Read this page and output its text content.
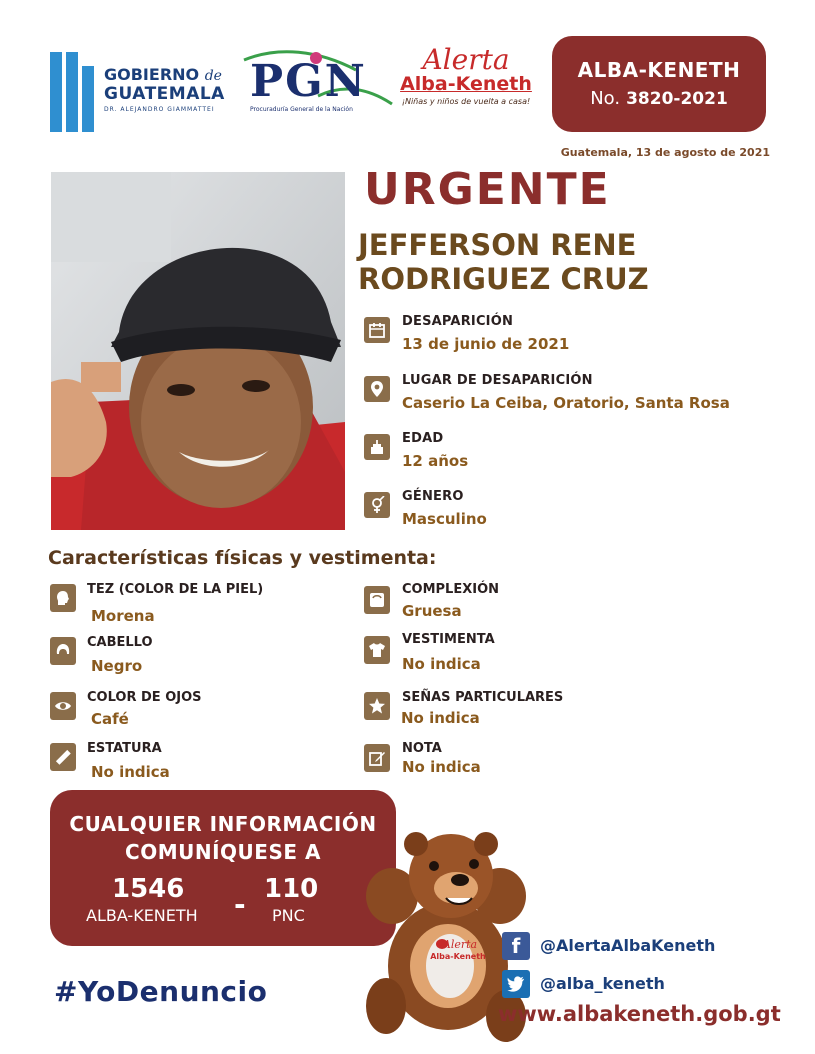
GOBIERNO de
GUATEMALA
DR. ALEJANDRO GIAMMATTEI
PGN
Procuraduría General de la Nación
Alerta
Alba-Keneth
¡Niñas y niños de vuelta a casa!
ALBA-KENETH
No. 3820-2021
Guatemala, 13 de agosto de 2021
URGENTE
JEFFERSON RENE
RODRIGUEZ CRUZ
DESAPARICIÓN
13 de junio de 2021
LUGAR DE DESAPARICIÓN
Caserio La Ceiba, Oratorio, Santa Rosa
EDAD
12 años
GÉNERO
Masculino
Características físicas y vestimenta:
TEZ (COLOR DE LA PIEL)
Morena
CABELLO
Negro
COLOR DE OJOS
Café
ESTATURA
No indica
COMPLEXIÓN
Gruesa
VESTIMENTA
No indica
SEÑAS PARTICULARES
No indica
NOTA
No indica
CUALQUIER INFORMACIÓN
COMUNÍQUESE A
1546
ALBA-KENETH - 110
PNC
#YoDenuncio
Alerta
Alba-Keneth	f	@AlertaAlbaKeneth
@alba_keneth
www.albakeneth.gob.gt
